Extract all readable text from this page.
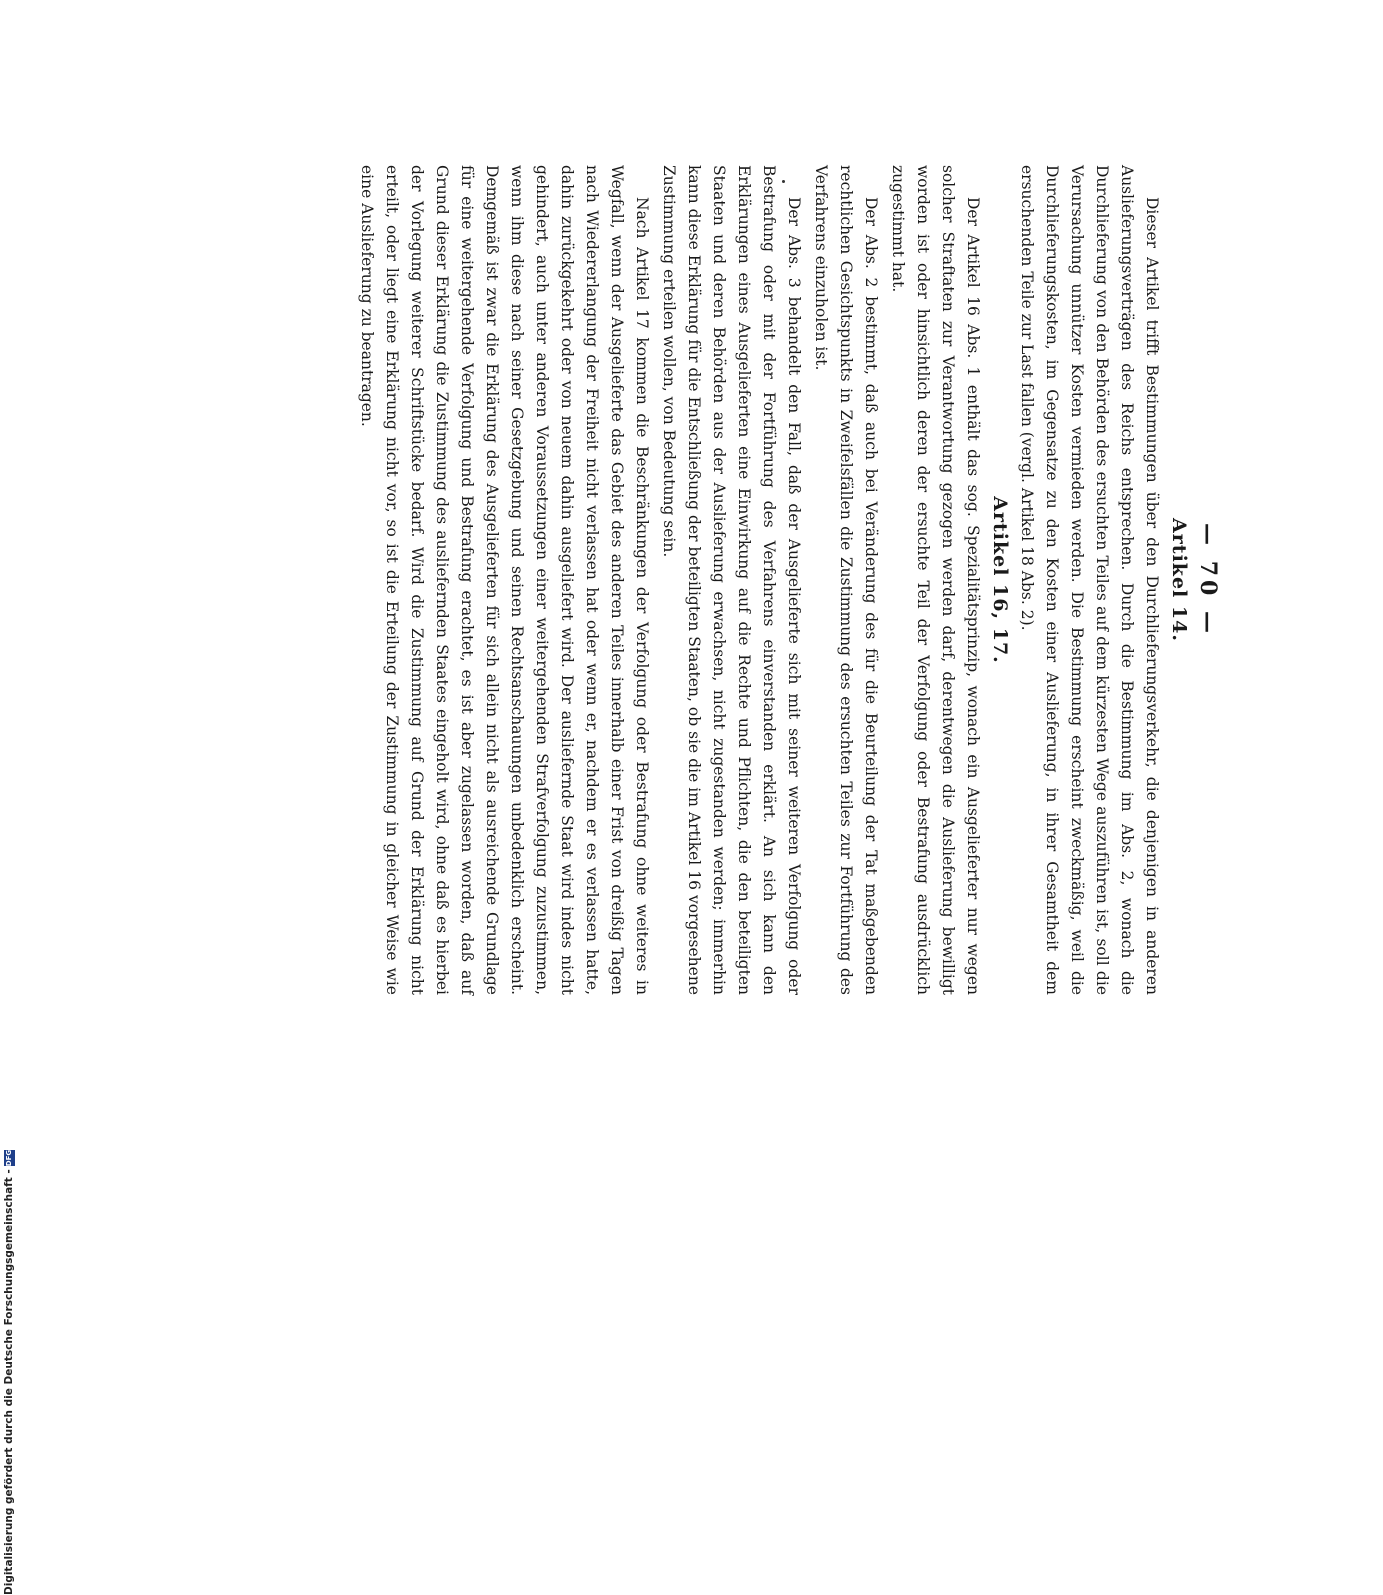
— 70 —
Artikel 14.

Dieser Artikel trifft Bestimmungen über den Durchlieferungsverkehr, die denjenigen in anderen Auslieferungsverträgen des Reichs entsprechen. Durch die Bestimmung im Abs. 2, wonach die Durchlieferung von den Behörden des ersuchten Teiles auf dem kürzesten Wege auszuführen ist, soll die Verursachung unnützer Kosten vermieden werden. Die Bestimmung erscheint zweckmäßig, weil die Durchlieferungskosten, im Gegensatze zu den Kosten einer Auslieferung, in ihrer Gesamtheit dem ersuchenden Teile zur Last fallen (vergl. Artikel 18 Abs. 2).

Artikel 16, 17.

Der Artikel 16 Abs. 1 enthält das sog. Spezialitätsprinzip, wonach ein Ausgelieferter nur wegen solcher Straftaten zur Verantwortung gezogen werden darf, derentwegen die Auslieferung bewilligt worden ist oder hinsichtlich deren der ersuchte Teil der Verfolgung oder Bestrafung ausdrücklich zugestimmt hat.

Der Abs. 2 bestimmt, daß auch bei Veränderung des für die Beurteilung der Tat maßgebenden rechtlichen Gesichtspunkts in Zweifelsfällen die Zustimmung des ersuchten Teiles zur Fortführung des Verfahrens einzuholen ist.

Der Abs. 3 behandelt den Fall, daß der Ausgelieferte sich mit seiner weiteren Verfolgung oder Bestrafung oder mit der Fortführung des Verfahrens einverstanden erklärt. An sich kann den Erklärungen eines Ausgelieferten eine Einwirkung auf die Rechte und Pflichten, die den beteiligten Staaten und deren Behörden aus der Auslieferung erwachsen, nicht zugestanden werden; immerhin kann diese Erklärung für die Entschließung der beteiligten Staaten, ob sie die im Artikel 16 vorgesehene Zustimmung erteilen wollen, von Bedeutung sein.

Nach Artikel 17 kommen die Beschränkungen der Verfolgung oder Bestrafung ohne weiteres in Wegfall, wenn der Ausgelieferte das Gebiet des anderen Teiles innerhalb einer Frist von dreißig Tagen nach Wiedererlangung der Freiheit nicht verlassen hat oder wenn er, nachdem er es verlassen hatte, dahin zurückgekehrt oder von neuem dahin ausgeliefert wird. Der ausliefernde Staat wird indes nicht gehindert, auch unter anderen Voraussetzungen einer weitergehenden Strafverfolgung zuzustimmen, wenn ihm diese nach seiner Gesetzgebung und seinen Rechtsanschauungen unbedenklich erscheint. Demgemäß ist zwar die Erklärung des Ausgelieferten für sich allein nicht als ausreichende Grundlage für eine weitergehende Verfolgung und Bestrafung erachtet, es ist aber zugelassen worden, daß auf Grund dieser Erklärung die Zustimmung des ausliefernden Staates eingeholt wird, ohne daß es hierbei der Vorlegung weiterer Schriftstücke bedarf. Wird die Zustimmung auf Grund der Erklärung nicht erteilt, oder liegt eine Erklärung nicht vor, so ist die Erteilung der Zustimmung in gleicher Weise wie eine Auslieferung zu beantragen.

Digitalisierung gefördert durch die Deutsche Forschungsgemeinschaft -
DFG
